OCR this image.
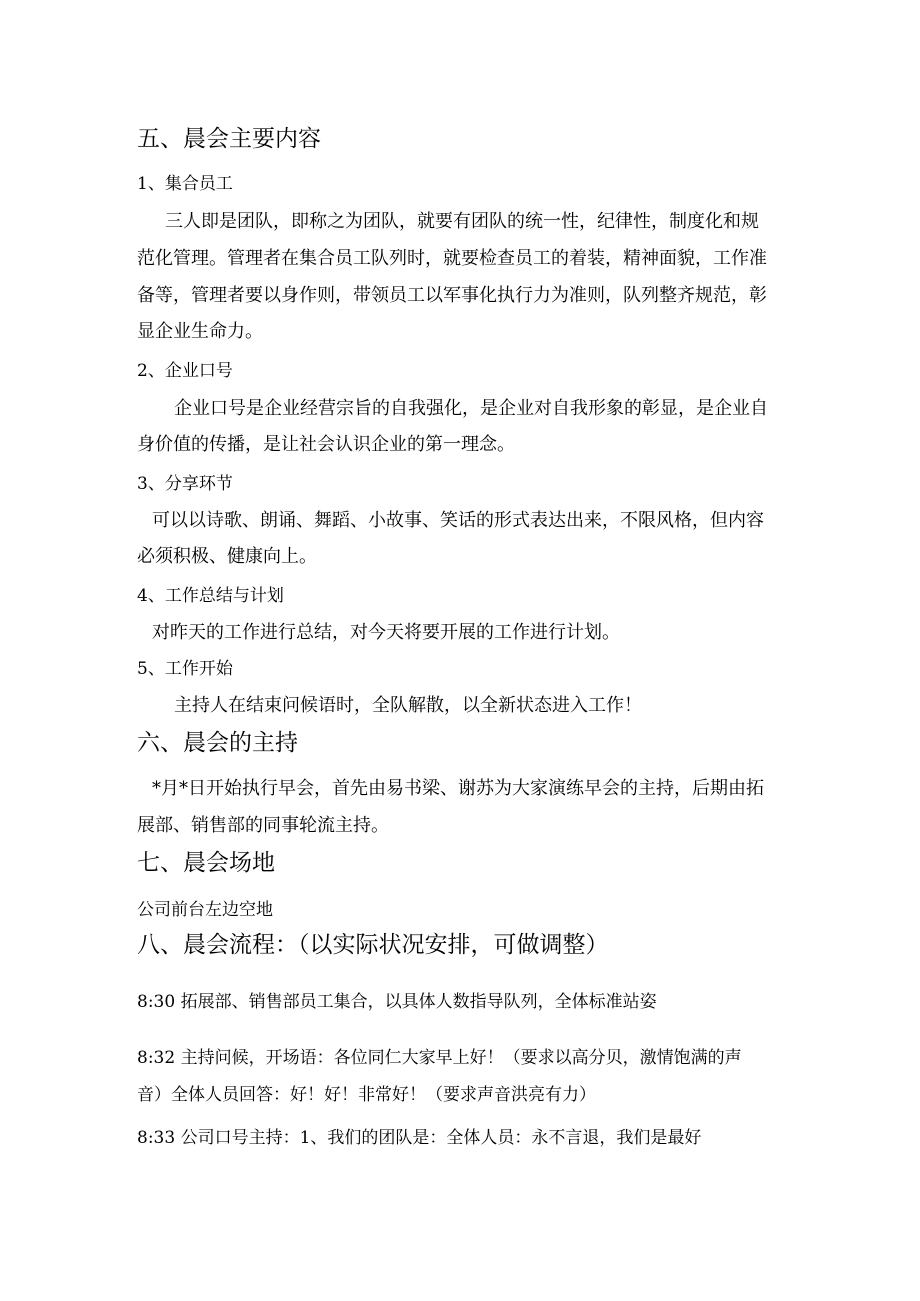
五、晨会主要内容
1、集合员工
三人即是团队，即称之为团队，就要有团队的统一性，纪律性，制度化和规
范化管理。管理者在集合员工队列时，就要检查员工的着装，精神面貌，工作准
备等，管理者要以身作则，带领员工以军事化执行力为准则，队列整齐规范，彰
显企业生命力。
2、企业口号
企业口号是企业经营宗旨的自我强化，是企业对自我形象的彰显，是企业自
身价值的传播，是让社会认识企业的第一理念。
3、分享环节
可以以诗歌、朗诵、舞蹈、小故事、笑话的形式表达出来，不限风格，但内容
必须积极、健康向上。
4、工作总结与计划
对昨天的工作进行总结，对今天将要开展的工作进行计划。
5、工作开始
主持人在结束问候语时，全队解散，以全新状态进入工作！
六、晨会的主持
*月*日开始执行早会，首先由易书梁、谢苏为大家演练早会的主持，后期由拓
展部、销售部的同事轮流主持。
七、晨会场地
公司前台左边空地
八、晨会流程：（以实际状况安排，可做调整）
8:30 拓展部、销售部员工集合，以具体人数指导队列，全体标准站姿
8:32 主持问候，开场语：各位同仁大家早上好！（要求以高分贝，激情饱满的声
音）全体人员回答：好！好！非常好！（要求声音洪亮有力）
8:33 公司口号主持：1、我们的团队是：全体人员：永不言退，我们是最好
